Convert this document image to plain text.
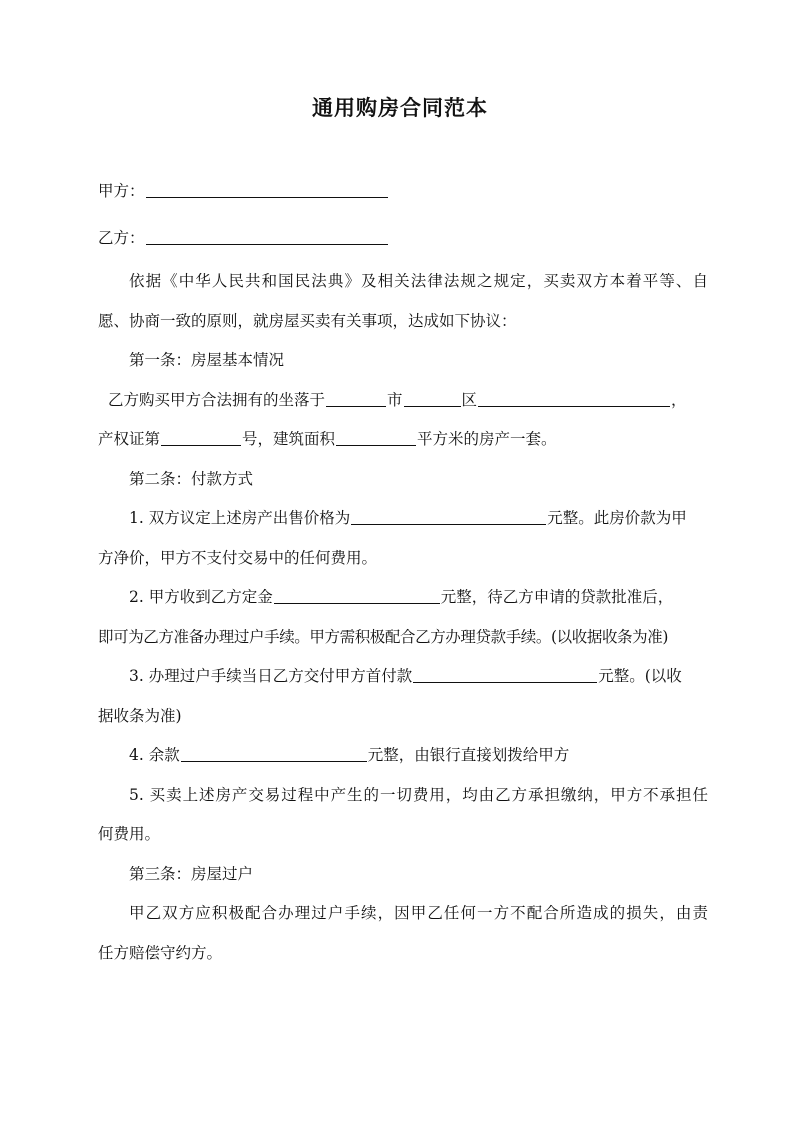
通用购房合同范本
甲方：
乙方：
依据《中华人民共和国民法典》及相关法律法规之规定，买卖双方本着平等、自
愿、协商一致的原则，就房屋买卖有关事项，达成如下协议：
第一条：房屋基本情况
乙方购买甲方合法拥有的坐落于	市	区	，
产权证第	号，建筑面积	平方米的房产一套。
第二条：付款方式
1. 双方议定上述房产出售价格为	元整。此房价款为甲
方净价，甲方不支付交易中的任何费用。
2. 甲方收到乙方定金	元整，待乙方申请的贷款批准后，
即可为乙方准备办理过户手续。甲方需积极配合乙方办理贷款手续。(以收据收条为准)
3. 办理过户手续当日乙方交付甲方首付款	元整。(以收
据收条为准)
4. 余款	元整，由银行直接划拨给甲方
5. 买卖上述房产交易过程中产生的一切费用，均由乙方承担缴纳，甲方不承担任
何费用。
第三条：房屋过户
甲乙双方应积极配合办理过户手续，因甲乙任何一方不配合所造成的损失，由责
任方赔偿守约方。
